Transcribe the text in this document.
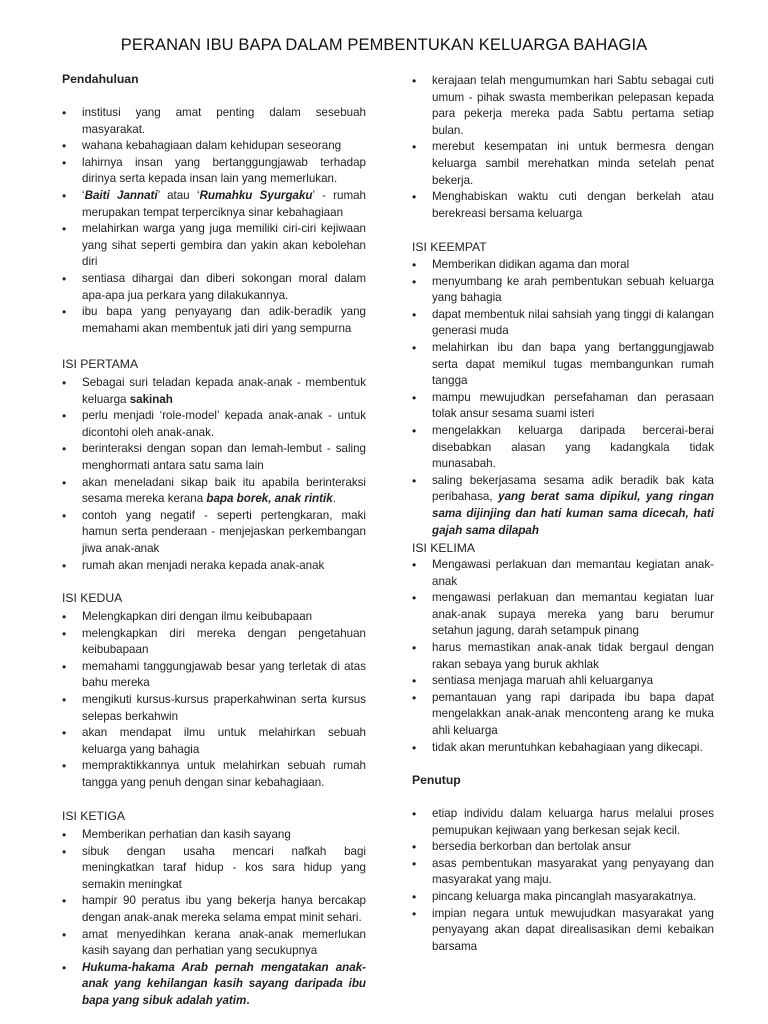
PERANAN IBU BAPA DALAM PEMBENTUKAN KELUARGA BAHAGIA
Pendahuluan
• institusi yang amat penting dalam sesebuah masyarakat.
• wahana kebahagiaan dalam kehidupan seseorang
• lahirnya insan yang bertanggungjawab terhadap dirinya serta kepada insan lain yang memerlukan.
• ‘Baiti Jannati’ atau ‘Rumahku Syurgaku’ - rumah merupakan tempat terperciknya sinar kebahagiaan
• melahirkan warga yang juga memiliki ciri-ciri kejiwaan yang sihat seperti gembira dan yakin akan kebolehan diri
• sentiasa dihargai dan diberi sokongan moral dalam apa-apa jua perkara yang dilakukannya.
• ibu bapa yang penyayang dan adik-beradik yang memahami akan membentuk jati diri yang sempurna
ISI PERTAMA
• Sebagai suri teladan kepada anak-anak - membentuk keluarga sakinah
• perlu menjadi ‘role-model’ kepada anak-anak - untuk dicontohi oleh anak-anak.
• berinteraksi dengan sopan dan lemah-lembut - saling menghormati antara satu sama lain
• akan meneladani sikap baik itu apabila berinteraksi sesama mereka kerana bapa borek, anak rintik.
• contoh yang negatif - seperti pertengkaran, maki hamun serta penderaan - menjejaskan perkembangan jiwa anak-anak
• rumah akan menjadi neraka kepada anak-anak
ISI KEDUA
• Melengkapkan diri dengan ilmu keibubapaan
• melengkapkan diri mereka dengan pengetahuan keibubapaan
• memahami tanggungjawab besar yang terletak di atas bahu mereka
• mengikuti kursus-kursus praperkahwinan serta kursus selepas berkahwin
• akan mendapat ilmu untuk melahirkan sebuah keluarga yang bahagia
• mempraktikkannya untuk melahirkan sebuah rumah tangga yang penuh dengan sinar kebahagiaan.
ISI KETIGA
• Memberikan perhatian dan kasih sayang
• sibuk dengan usaha mencari nafkah bagi meningkatkan taraf hidup - kos sara hidup yang semakin meningkat
• hampir 90 peratus ibu yang bekerja hanya bercakap dengan anak-anak mereka selama empat minit sehari.
• amat menyedihkan kerana anak-anak memerlukan kasih sayang dan perhatian yang secukupnya
• Hukuma-hakama Arab pernah mengatakan anak-anak yang kehilangan kasih sayang daripada ibu bapa yang sibuk adalah yatim.
• kerajaan telah mengumumkan hari Sabtu sebagai cuti umum - pihak swasta memberikan pelepasan kepada para pekerja mereka pada Sabtu pertama setiap bulan.
• merebut kesempatan ini untuk bermesra dengan keluarga sambil merehatkan minda setelah penat bekerja.
• Menghabiskan waktu cuti dengan berkelah atau berekreasi bersama keluarga
ISI KEEMPAT
• Memberikan didikan agama dan moral
• menyumbang ke arah pembentukan sebuah keluarga yang bahagia
• dapat membentuk nilai sahsiah yang tinggi di kalangan generasi muda
• melahirkan ibu dan bapa yang bertanggungjawab serta dapat memikul tugas membangunkan rumah tangga
• mampu mewujudkan persefahaman dan perasaan tolak ansur sesama suami isteri
• mengelakkan keluarga daripada bercerai-berai disebabkan alasan yang kadangkala tidak munasabah.
• saling bekerjasama sesama adik beradik bak kata peribahasa, yang berat sama dipikul, yang ringan sama dijinjing dan hati kuman sama dicecah, hati gajah sama dilapah
ISI KELIMA
• Mengawasi perlakuan dan memantau kegiatan anak-anak
• mengawasi perlakuan dan memantau kegiatan luar anak-anak supaya mereka yang baru berumur setahun jagung, darah setampuk pinang
• harus memastikan anak-anak tidak bergaul dengan rakan sebaya yang buruk akhlak
• sentiasa menjaga maruah ahli keluarganya
• pemantauan yang rapi daripada ibu bapa dapat mengelakkan anak-anak menconteng arang ke muka ahli keluarga
• tidak akan meruntuhkan kebahagiaan yang dikecapi.
Penutup
• etiap individu dalam keluarga harus melalui proses pemupukan kejiwaan yang berkesan sejak kecil.
• bersedia berkorban dan bertolak ansur
• asas pembentukan masyarakat yang penyayang dan masyarakat yang maju.
• pincang keluarga maka pincanglah masyarakatnya.
• impian negara untuk mewujudkan masyarakat yang penyayang akan dapat direalisasikan demi kebaikan barsama
